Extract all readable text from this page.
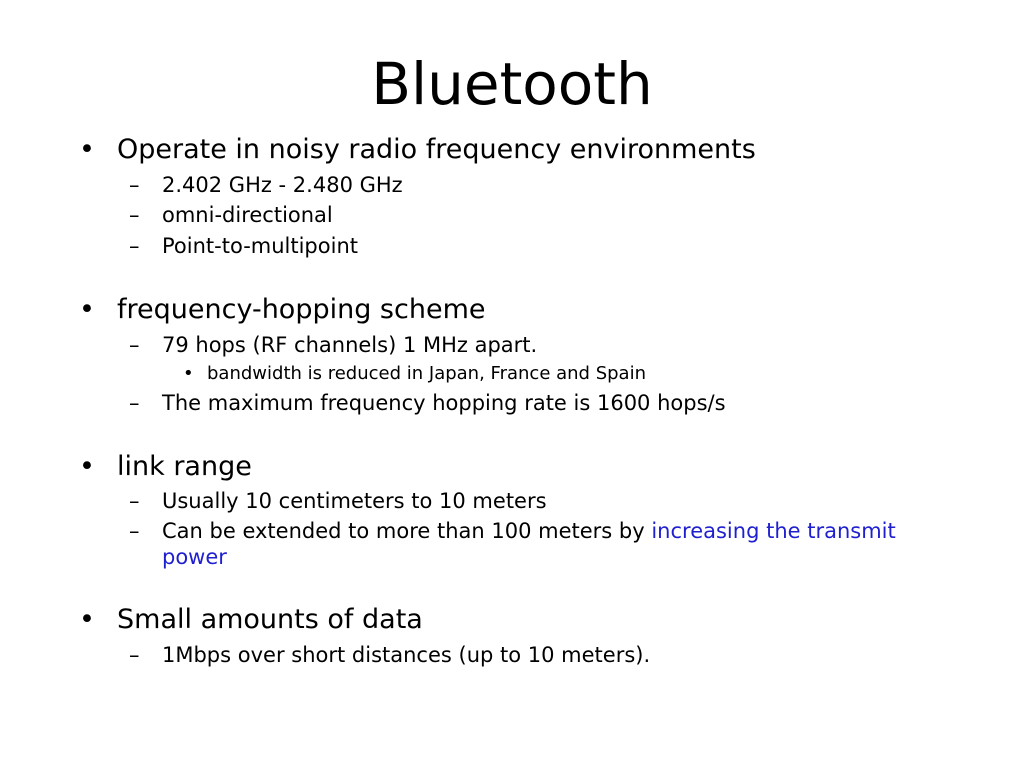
Bluetooth
• Operate in noisy radio frequency environments
– 2.402 GHz - 2.480 GHz
– omni-directional
– Point-to-multipoint
• frequency-hopping scheme
– 79 hops (RF channels) 1 MHz apart.
• bandwidth is reduced in Japan, France and Spain
– The maximum frequency hopping rate is 1600 hops/s
• link range
– Usually 10 centimeters to 10 meters
– Can be extended to more than 100 meters by increasing the transmit power
• Small amounts of data
– 1Mbps over short distances (up to 10 meters).
